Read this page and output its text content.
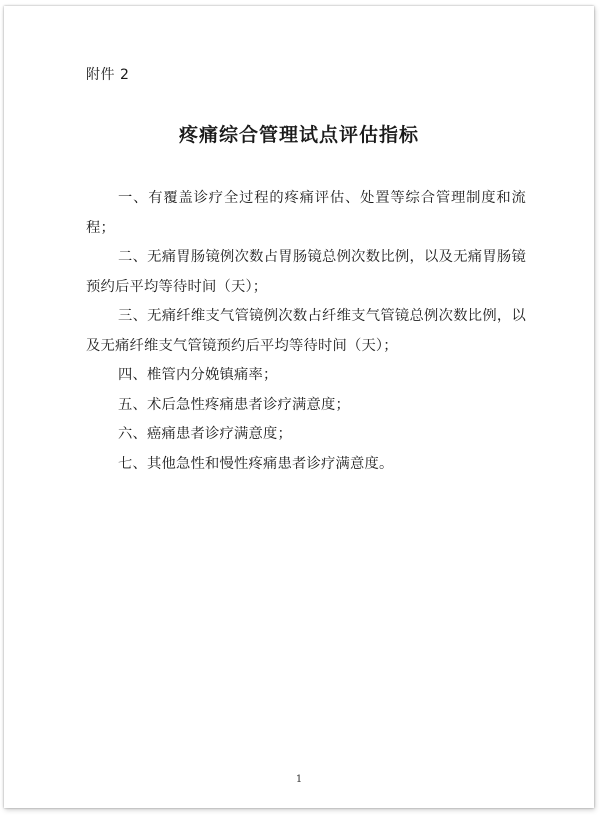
附件 2
疼痛综合管理试点评估指标

一、有覆盖诊疗全过程的疼痛评估、处置等综合管理制度和流程；

二、无痛胃肠镜例次数占胃肠镜总例次数比例，以及无痛胃肠镜预约后平均等待时间（天）；

三、无痛纤维支气管镜例次数占纤维支气管镜总例次数比例，以及无痛纤维支气管镜预约后平均等待时间（天）；

四、椎管内分娩镇痛率；

五、术后急性疼痛患者诊疗满意度；

六、癌痛患者诊疗满意度；

七、其他急性和慢性疼痛患者诊疗满意度。

1
